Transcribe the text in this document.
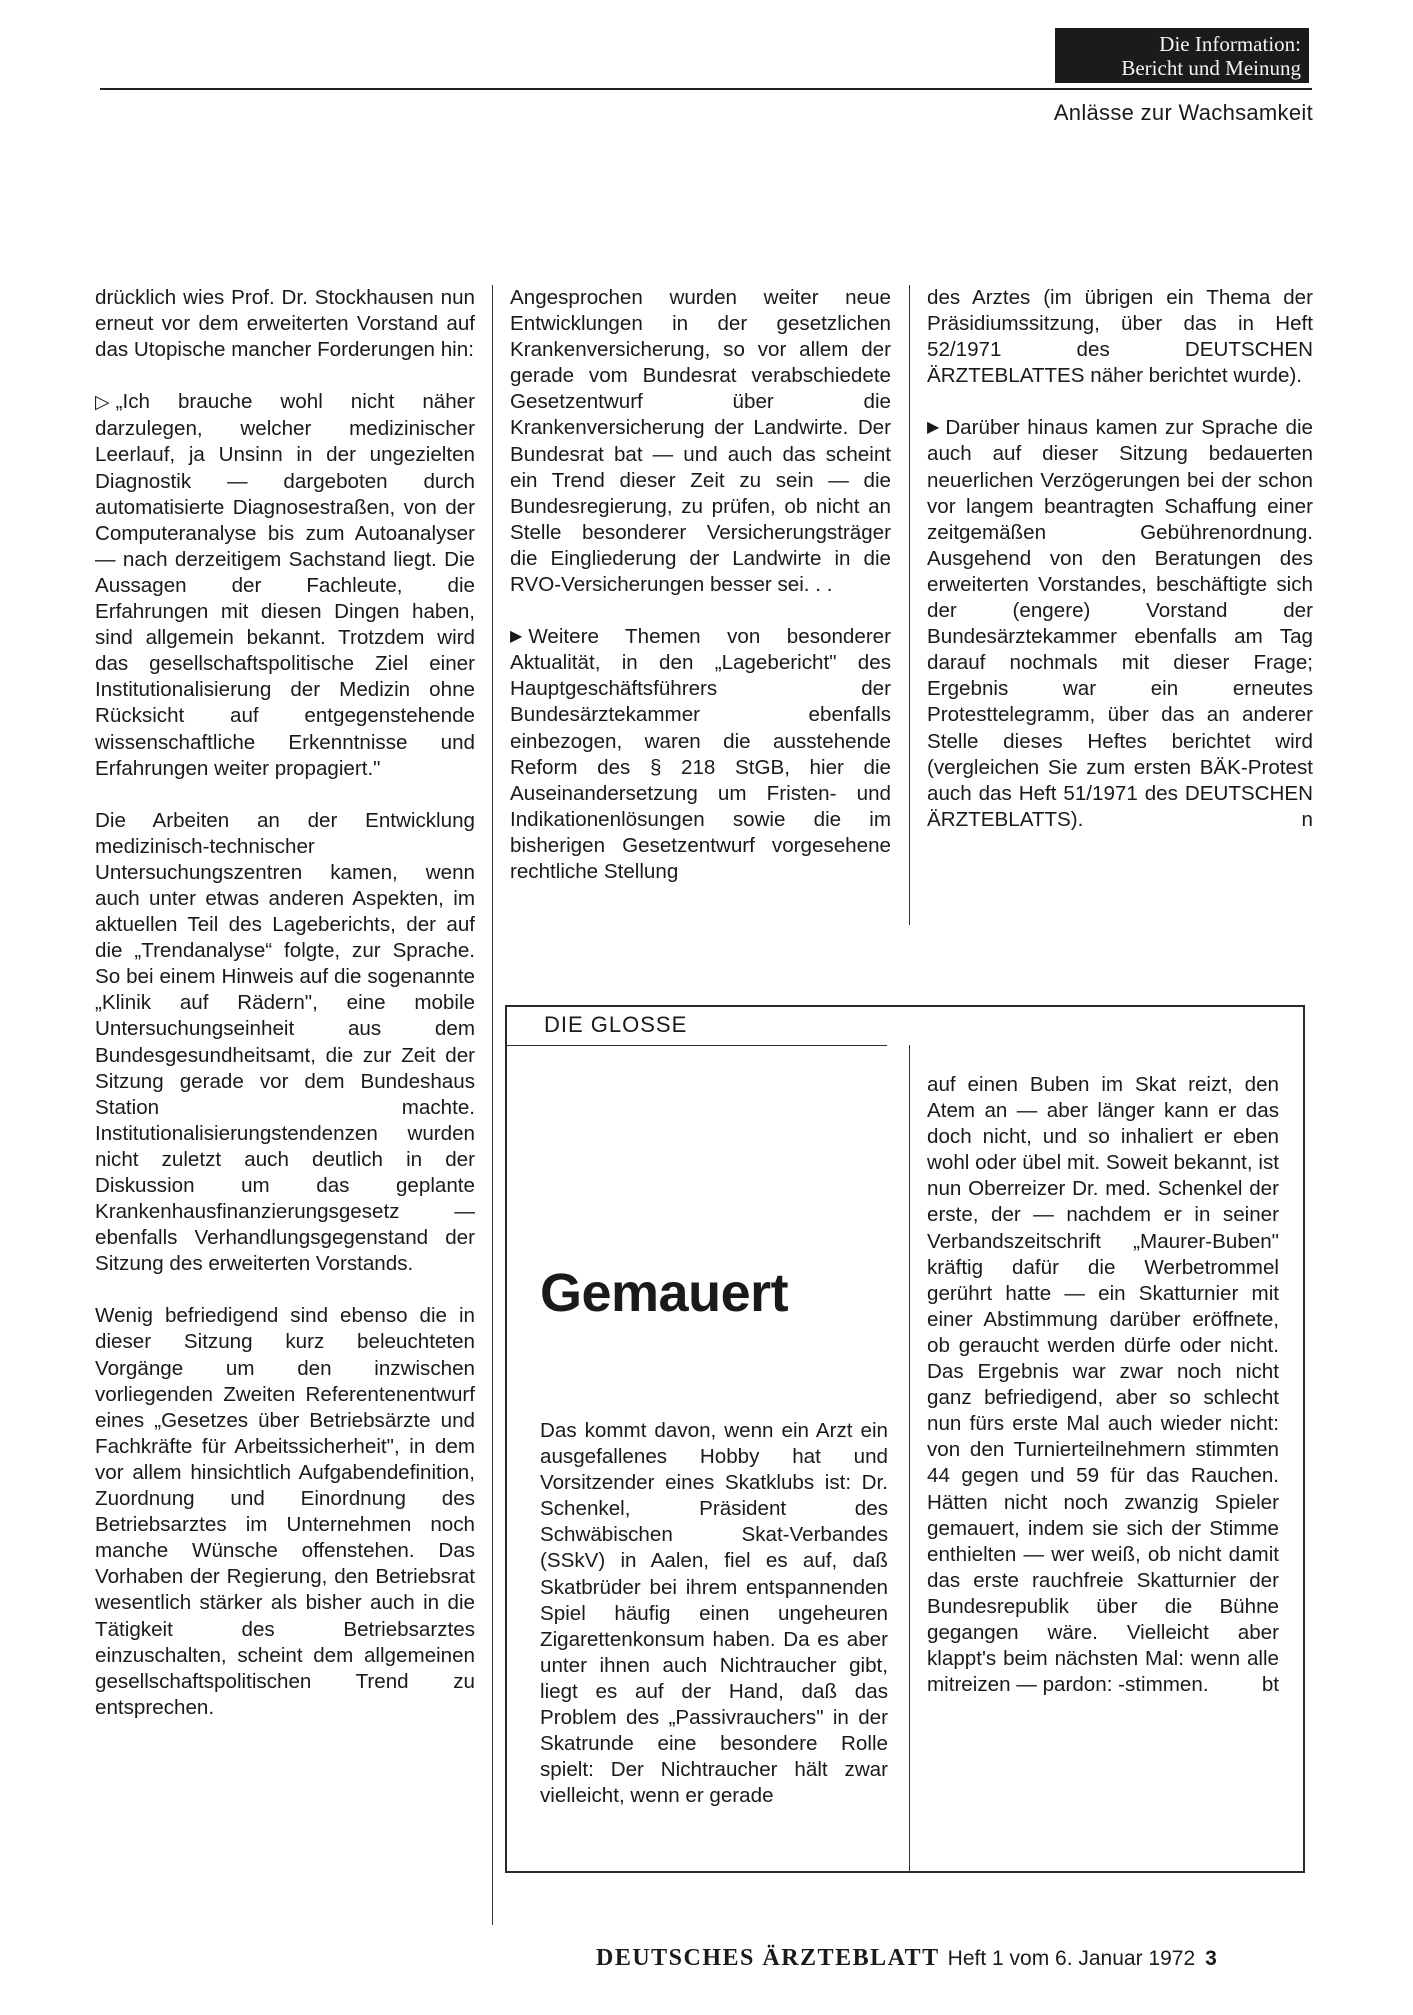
Die Information:
Bericht und Meinung
Anlässe zur Wachsamkeit

drücklich wies Prof. Dr. Stockhausen nun erneut vor dem erweiterten Vorstand auf das Utopische mancher Forderungen hin:

▷ „Ich brauche wohl nicht näher darzulegen, welcher medizinischer Leerlauf, ja Unsinn in der ungezielten Diagnostik — dargeboten durch automatisierte Diagnosestraßen, von der Computeranalyse bis zum Autoanalyser — nach derzeitigem Sachstand liegt. Die Aussagen der Fachleute, die Erfahrungen mit diesen Dingen haben, sind allgemein bekannt. Trotzdem wird das gesellschaftspolitische Ziel einer Institutionalisierung der Medizin ohne Rücksicht auf entgegenstehende wissenschaftliche Erkenntnisse und Erfahrungen weiter propagiert."

Die Arbeiten an der Entwicklung medizinisch-technischer Untersuchungszentren kamen, wenn auch unter etwas anderen Aspekten, im aktuellen Teil des Lageberichts, der auf die „Trendanalyse“ folgte, zur Sprache. So bei einem Hinweis auf die sogenannte „Klinik auf Rädern", eine mobile Untersuchungseinheit aus dem Bundesgesundheitsamt, die zur Zeit der Sitzung gerade vor dem Bundeshaus Station machte. Institutionalisierungstendenzen wurden nicht zuletzt auch deutlich in der Diskussion um das geplante Krankenhausfinanzierungsgesetz — ebenfalls Verhandlungsgegenstand der Sitzung des erweiterten Vorstands.

Wenig befriedigend sind ebenso die in dieser Sitzung kurz beleuchteten Vorgänge um den inzwischen vorliegenden Zweiten Referentenentwurf eines „Gesetzes über Betriebsärzte und Fachkräfte für Arbeitssicherheit", in dem vor allem hinsichtlich Aufgabendefinition, Zuordnung und Einordnung des Betriebsarztes im Unternehmen noch manche Wünsche offenstehen. Das Vorhaben der Regierung, den Betriebsrat wesentlich stärker als bisher auch in die Tätigkeit des Betriebsarztes einzuschalten, scheint dem allgemeinen gesellschaftspolitischen Trend zu entsprechen.

Angesprochen wurden weiter neue Entwicklungen in der gesetzlichen Krankenversicherung, so vor allem der gerade vom Bundesrat verabschiedete Gesetzentwurf über die Krankenversicherung der Landwirte. Der Bundesrat bat — und auch das scheint ein Trend dieser Zeit zu sein — die Bundesregierung, zu prüfen, ob nicht an Stelle besonderer Versicherungsträger die Eingliederung der Landwirte in die RVO-Versicherungen besser sei. . .

▶ Weitere Themen von besonderer Aktualität, in den „Lagebericht" des Hauptgeschäftsführers der Bundesärztekammer ebenfalls einbezogen, waren die ausstehende Reform des § 218 StGB, hier die Auseinandersetzung um Fristen- und Indikationenlösungen sowie die im bisherigen Gesetzentwurf vorgesehene rechtliche Stellung

des Arztes (im übrigen ein Thema der Präsidiumssitzung, über das in Heft 52/1971 des DEUTSCHEN ÄRZTEBLATTES näher berichtet wurde).

▶ Darüber hinaus kamen zur Sprache die auch auf dieser Sitzung bedauerten neuerlichen Verzögerungen bei der schon vor langem beantragten Schaffung einer zeitgemäßen Gebührenordnung. Ausgehend von den Beratungen des erweiterten Vorstandes, beschäftigte sich der (engere) Vorstand der Bundesärztekammer ebenfalls am Tag darauf nochmals mit dieser Frage; Ergebnis war ein erneutes Protesttelegramm, über das an anderer Stelle dieses Heftes berichtet wird (vergleichen Sie zum ersten BÄK-Protest auch das Heft 51/1971 des DEUTSCHEN ÄRZTEBLATTS).	n

DIE GLOSSE
Gemauert

Das kommt davon, wenn ein Arzt ein ausgefallenes Hobby hat und Vorsitzender eines Skatklubs ist: Dr. Schenkel, Präsident des Schwäbischen Skat-Verbandes (SSkV) in Aalen, fiel es auf, daß Skatbrüder bei ihrem entspannenden Spiel häufig einen ungeheuren Zigarettenkonsum haben. Da es aber unter ihnen auch Nichtraucher gibt, liegt es auf der Hand, daß das Problem des „Passivrauchers" in der Skatrunde eine besondere Rolle spielt: Der Nichtraucher hält zwar vielleicht, wenn er gerade

auf einen Buben im Skat reizt, den Atem an — aber länger kann er das doch nicht, und so inhaliert er eben wohl oder übel mit. Soweit bekannt, ist nun Oberreizer Dr. med. Schenkel der erste, der — nachdem er in seiner Verbandszeitschrift „Maurer-Buben" kräftig dafür die Werbetrommel gerührt hatte — ein Skatturnier mit einer Abstimmung darüber eröffnete, ob geraucht werden dürfe oder nicht. Das Ergebnis war zwar noch nicht ganz befriedigend, aber so schlecht nun fürs erste Mal auch wieder nicht: von den Turnierteilnehmern stimmten 44 gegen und 59 für das Rauchen. Hätten nicht noch zwanzig Spieler gemauert, indem sie sich der Stimme enthielten — wer weiß, ob nicht damit das erste rauchfreie Skatturnier der Bundesrepublik über die Bühne gegangen wäre. Vielleicht aber klappt's beim nächsten Mal: wenn alle mitreizen — pardon: -stimmen.	bt

DEUTSCHES ÄRZTEBLATT Heft 1 vom 6. Januar 1972 3
